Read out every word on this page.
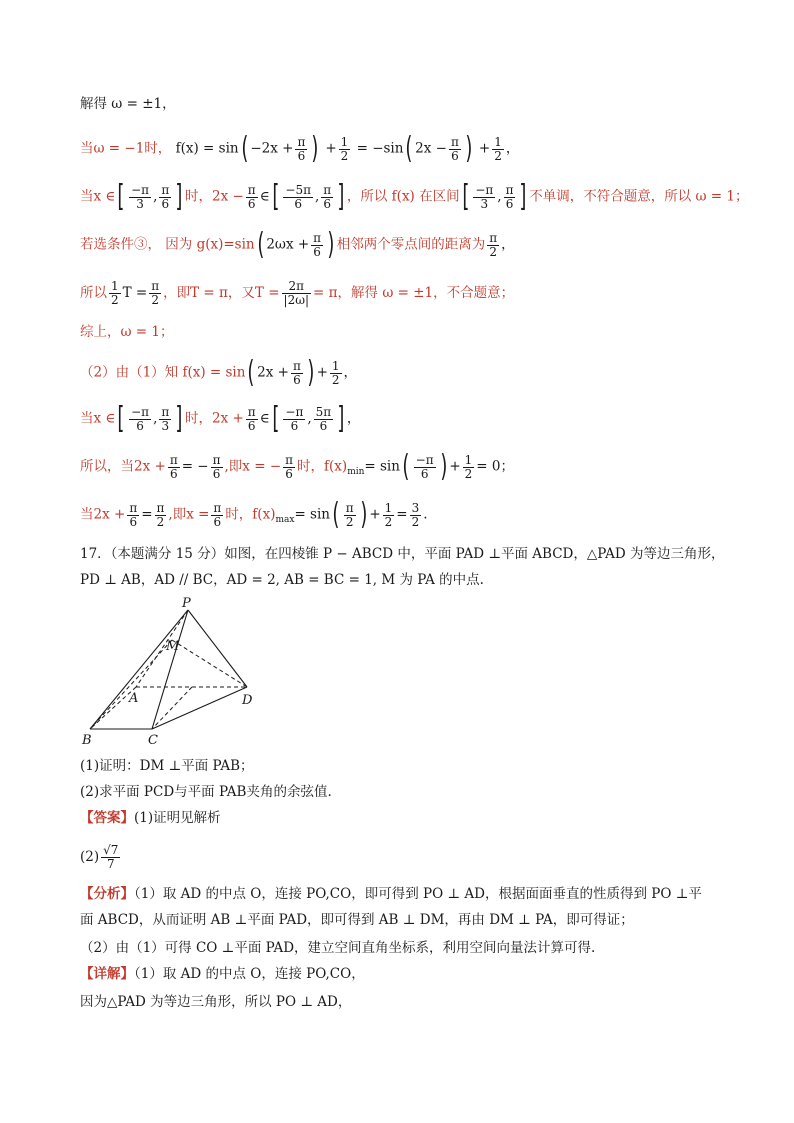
解得 ω = ±1，
当ω = −1时， $f(x) = \sin( -2x + \frac{\pi}{6}$ ) + $\frac{1}{2} = -\sin$( $2x - \frac{\pi}{6}$ ) + $\frac{1}{2}$ ，
当x ∈[ $\frac{-\pi}{3}$ , $\frac{\pi}{6}$ ] 时，$2x - \frac{\pi}{6}$ ∈[ $\frac{-5\pi}{6}$ , $\frac{\pi}{6}$ ] ，所以 f(x) 在区间[ $\frac{-\pi}{3}$ , $\frac{\pi}{6}$ ] 不单调，不符合题意，所以 ω = 1；
若选条件③， 因为 g(x)=sin( $2\omega x + \frac{\pi}{6}$ ) 相邻两个零点间的距离为 $\frac{\pi}{2}$ ，
所以 $\frac{1}{2}$ $T = \frac{\pi}{2}$ ，即T = π，又$T = \frac{2\pi}{|2\omega|} = \pi$，解得 ω = ±1，不合题意；
综上，ω = 1；
（2）由（1）知 f(x) = sin( $2x + \frac{\pi}{6}$ ) + $\frac{1}{2}$ ，
当x ∈[ $\frac{-\pi}{6}$ , $\frac{\pi}{3}$ ] 时，$2x + \frac{\pi}{6}$ ∈[ $\frac{-\pi}{6}$ , $\frac{5\pi}{6}$ ] ，
所以，当$2x + \frac{\pi}{6}$ = − $\frac{\pi}{6}$ ,即x = − $\frac{\pi}{6}$ 时，$f(x)_{min}= \sin( \frac{-\pi}{6}$ ) + $\frac{1}{2} = 0$；
当$2x + \frac{\pi}{6} = \frac{\pi}{2}$ ,即$x = \frac{\pi}{6}$ 时，$f(x)_{max}= \sin( \frac{\pi}{2}$ ) + $\frac{1}{2} = \frac{3}{2}$ .
17．（本题满分 15 分）如图，在四棱锥 P − ABCD 中，平面 PAD ⊥平面 ABCD，△PAD 为等边三角形，
PD ⊥ AB，AD // BC，AD = 2, AB = BC = 1, M 为 PA 的中点.
P
M
A
B	C
D
(1)证明：DM ⊥平面 PAB；
(2)求平面 PCD与平面 PAB夹角的余弦值.
【答案】(1)证明见解析
$(2) \frac{√7}{7}$
【分析】（1）取 AD 的中点 O，连接 PO,CO，即可得到 PO ⊥ AD，根据面面垂直的性质得到 PO ⊥平
面 ABCD，从而证明 AB ⊥平面 PAD，即可得到 AB ⊥ DM，再由 DM ⊥ PA，即可得证；
（2）由（1）可得 CO ⊥平面 PAD，建立空间直角坐标系，利用空间向量法计算可得.
【详解】（1）取 AD 的中点 O，连接 PO,CO，
因为△PAD 为等边三角形，所以 PO ⊥ AD，
